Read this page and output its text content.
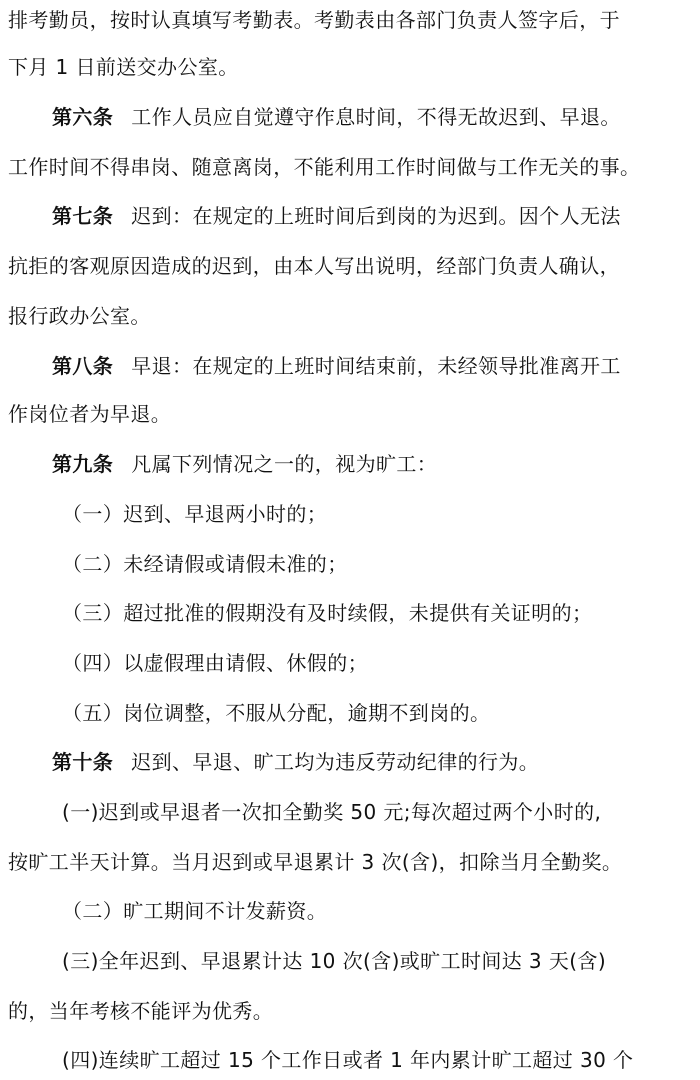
排考勤员，按时认真填写考勤表。考勤表由各部门负责人签字后，于
下月 1 日前送交办公室。
第六条 工作人员应自觉遵守作息时间，不得无故迟到、早退。
工作时间不得串岗、随意离岗，不能利用工作时间做与工作无关的事。
第七条 迟到：在规定的上班时间后到岗的为迟到。因个人无法
抗拒的客观原因造成的迟到，由本人写出说明，经部门负责人确认，
报行政办公室。
第八条 早退：在规定的上班时间结束前，未经领导批准离开工
作岗位者为早退。
第九条 凡属下列情况之一的，视为旷工：
（一）迟到、早退两小时的；
（二）未经请假或请假未准的；
（三）超过批准的假期没有及时续假，未提供有关证明的；
（四）以虚假理由请假、休假的；
（五）岗位调整，不服从分配，逾期不到岗的。
第十条 迟到、早退、旷工均为违反劳动纪律的行为。
(一)迟到或早退者一次扣全勤奖 50 元;每次超过两个小时的,
按旷工半天计算。当月迟到或早退累计 3 次(含)，扣除当月全勤奖。
（二）旷工期间不计发薪资。
(三)全年迟到、早退累计达 10 次(含)或旷工时间达 3 天(含)
的，当年考核不能评为优秀。
(四)连续旷工超过 15 个工作日或者 1 年内累计旷工超过 30 个
